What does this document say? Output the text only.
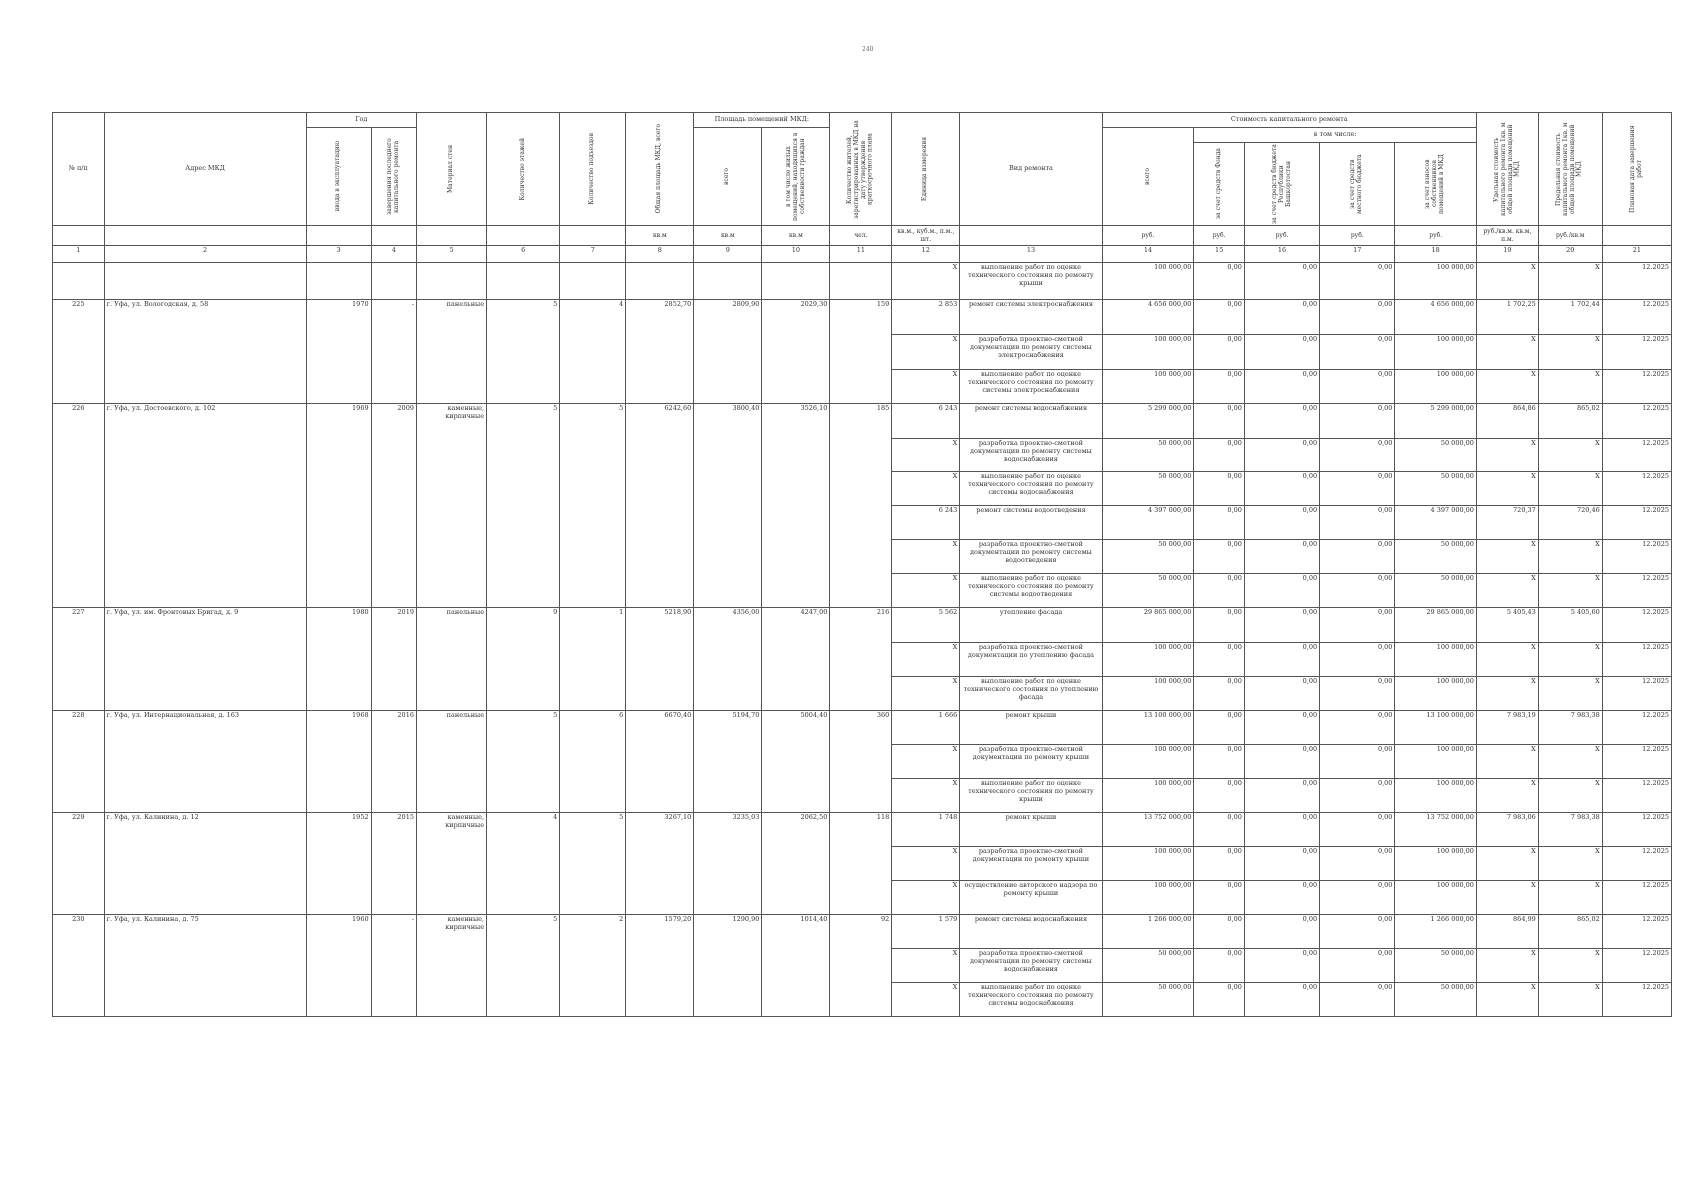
240
№ п/п	Адрес МКД	Год		Материал стен	Количество этажей	Количество подъездов	Общая площадь МКД, всего	Площадь помещений МКД:		Количество жителей, зарегистрированных в МКД на дату утверждения краткосрочного плана	Единица измерения	Вид ремонта	Стоимость капитального ремонта					Удельная стоимость капитального ремонта 1кв. м общей площади помещений МКД	Предельная стоимость капитального ремонта 1кв. м общей площади помещений МКД	Плановая дата завершения работ

		ввода в эксплуатацию	завершения последнего капитального ремонта					всего	в том числе жилых помещений, находящихся в собственности граждан				всего	в том числе:						

														за счет средств Фонда	за счет средств бюджета Республики Башкортостан	за счет средств местного бюджета	за счет взносов собственников помещений в МКД			

							кв.м	кв.м	кв.м	чел.	кв.м., куб.м., п.м., шт.		руб.	руб.	руб.	руб.	руб.	руб./кв.м. кв.м, п.м.	руб./кв.м	
1	2	3	4	5	6	7	8	9	10	11	12	13	14	15	16	17	18	19	20	21
											X	выполнение работ по оценке технического состояния по ремонту крыши	100 000,00	0,00	0,00	0,00	100 000,00	X	X	12.2025
225	г. Уфа, ул. Вологодская, д. 58	1970	-	панельные	5	4	2852,70	2809,90	2029,30	159	2 853	ремонт системы электроснабжения	4 656 000,00	0,00	0,00	0,00	4 656 000,00	1 702,25	1 702,44	12.2025
											X	разработка проектно-сметной документации по ремонту системы электроснабжения	100 000,00	0,00	0,00	0,00	100 000,00	X	X	12.2025
											X	выполнение работ по оценке технического состояния по ремонту системы электроснабжения	100 000,00	0,00	0,00	0,00	100 000,00	X	X	12.2025
226	г. Уфа, ул. Достоевского, д. 102	1969	2009	каменные, кирпичные	5	5	6242,60	3800,40	3526,10	185	6 243	ремонт системы водоснабжения	5 299 000,00	0,00	0,00	0,00	5 299 000,00	864,86	865,02	12.2025
											X	разработка проектно-сметной документации по ремонту системы водоснабжения	50 000,00	0,00	0,00	0,00	50 000,00	X	X	12.2025
											X	выполнение работ по оценке технического состояния по ремонту системы водоснабжения	50 000,00	0,00	0,00	0,00	50 000,00	X	X	12.2025
											6 243	ремонт системы водоотведения	4 397 000,00	0,00	0,00	0,00	4 397 000,00	720,37	720,46	12.2025
											X	разработка проектно-сметной документации по ремонту системы водоотведения	50 000,00	0,00	0,00	0,00	50 000,00	X	X	12.2025
											X	выполнение работ по оценке технического состояния по ремонту системы водоотведения	50 000,00	0,00	0,00	0,00	50 000,00	X	X	12.2025
227	г. Уфа, ул. им. Фронтовых Бригад, д. 9	1980	2019	панельные	9	1	5218,90	4356,00	4247,00	216	5 562	утепление фасада	29 865 000,00	0,00	0,00	0,00	29 865 000,00	5 405,43	5 405,60	12.2025
											X	разработка проектно-сметной документации по утеплению фасада	100 000,00	0,00	0,00	0,00	100 000,00	X	X	12.2025
											X	выполнение работ по оценке технического состояния по утеплению фасада	100 000,00	0,00	0,00	0,00	100 000,00	X	X	12.2025
228	г. Уфа, ул. Интернациональная, д. 163	1968	2016	панельные	5	6	6670,40	5194,70	5004,40	360	1 666	ремонт крыши	13 100 000,00	0,00	0,00	0,00	13 100 000,00	7 983,19	7 983,38	12.2025
											X	разработка проектно-сметной документации по ремонту крыши	100 000,00	0,00	0,00	0,00	100 000,00	X	X	12.2025
											X	выполнение работ по оценке технического состояния по ремонту крыши	100 000,00	0,00	0,00	0,00	100 000,00	X	X	12.2025
229	г. Уфа, ул. Калинина, д. 12	1952	2015	каменные, кирпичные	4	5	3267,10	3235,03	2062,50	118	1 748	ремонт крыши	13 752 000,00	0,00	0,00	0,00	13 752 000,00	7 983,06	7 983,38	12.2025
											X	разработка проектно-сметной документации по ремонту крыши	100 000,00	0,00	0,00	0,00	100 000,00	X	X	12.2025
											X	осуществление авторского надзора по ремонту крыши	100 000,00	0,00	0,00	0,00	100 000,00	X	X	12.2025
230	г. Уфа, ул. Калинина, д. 75	1960	-	каменные, кирпичные	5	2	1579,20	1290,90	1014,40	92	1 579	ремонт системы водоснабжения	1 266 000,00	0,00	0,00	0,00	1 266 000,00	864,99	865,02	12.2025
											X	разработка проектно-сметной документации по ремонту системы водоснабжения	50 000,00	0,00	0,00	0,00	50 000,00	X	X	12.2025
											X	выполнение работ по оценке технического состояния по ремонту системы водоснабжения	50 000,00	0,00	0,00	0,00	50 000,00	X	X	12.2025
